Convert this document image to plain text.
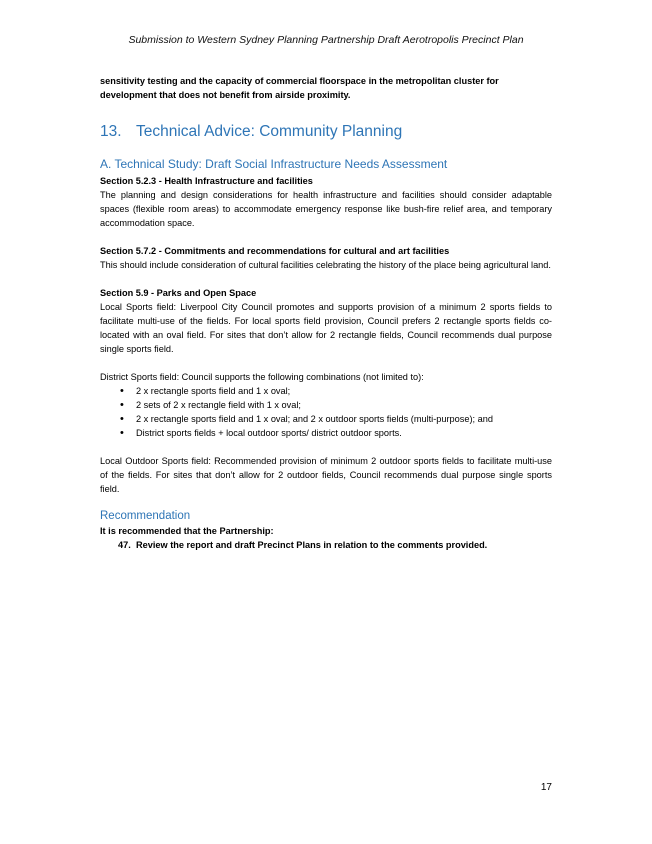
Submission to Western Sydney Planning Partnership Draft Aerotropolis Precinct Plan

sensitivity testing and the capacity of commercial floorspace in the metropolitan cluster for development that does not benefit from airside proximity.

13. Technical Advice: Community Planning
A. Technical Study: Draft Social Infrastructure Needs Assessment

Section 5.2.3 - Health Infrastructure and facilities

The planning and design considerations for health infrastructure and facilities should consider adaptable spaces (flexible room areas) to accommodate emergency response like bush-fire relief area, and temporary accommodation space.

Section 5.7.2 - Commitments and recommendations for cultural and art facilities

This should include consideration of cultural facilities celebrating the history of the place being agricultural land.

Section 5.9 - Parks and Open Space

Local Sports field: Liverpool City Council promotes and supports provision of a minimum 2 sports fields to facilitate multi-use of the fields. For local sports field provision, Council prefers 2 rectangle sports fields co-located with an oval field. For sites that don’t allow for 2 rectangle fields, Council recommends dual purpose single sports field.

District Sports field: Council supports the following combinations (not limited to):

• 2 x rectangle sports field and 1 x oval;
• 2 sets of 2 x rectangle field with 1 x oval;
• 2 x rectangle sports field and 1 x oval; and 2 x outdoor sports fields (multi-purpose); and
• District sports fields + local outdoor sports/ district outdoor sports.

Local Outdoor Sports field: Recommended provision of minimum 2 outdoor sports fields to facilitate multi-use of the fields. For sites that don’t allow for 2 outdoor fields, Council recommends dual purpose single sports field.

Recommendation

It is recommended that the Partnership:

47. Review the report and draft Precinct Plans in relation to the comments provided.
17
